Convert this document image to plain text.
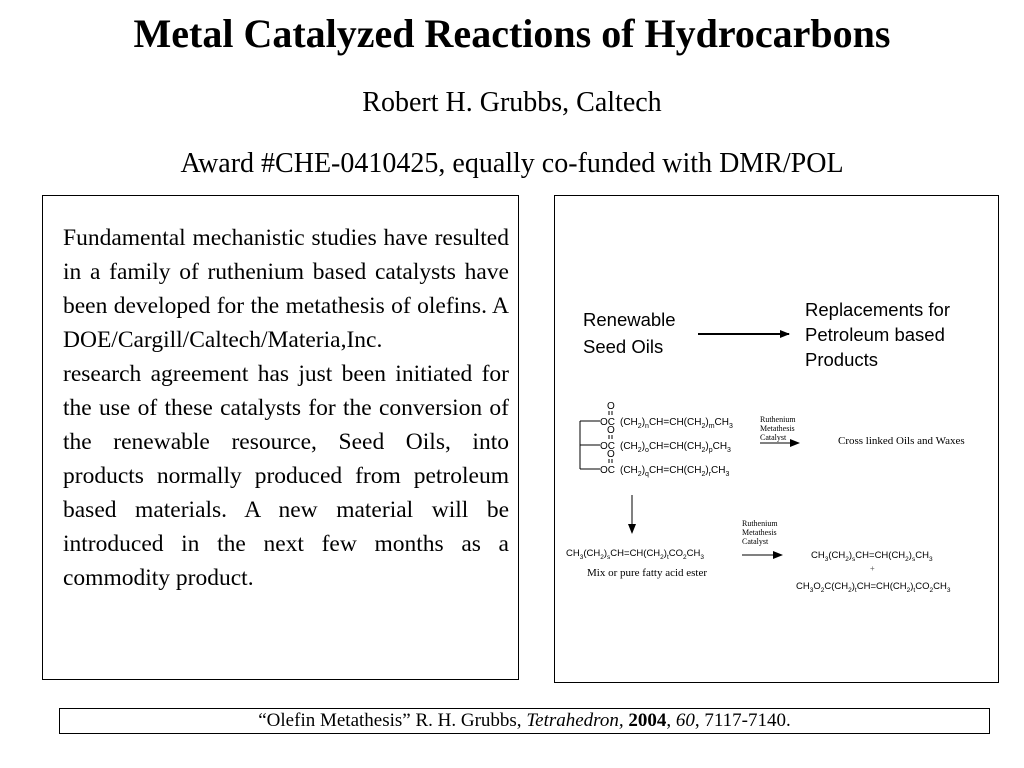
Metal Catalyzed Reactions of Hydrocarbons
Robert H. Grubbs, Caltech
Award #CHE-0410425, equally co-funded with DMR/POL

Fundamental mechanistic studies have resulted in a family of ruthenium based catalysts have been developed for the metathesis of olefins. A DOE/Cargill/Caltech/Materia,Inc.

research agreement has just been initiated for the use of these catalysts for the conversion of the renewable resource, Seed Oils, into products normally produced from petroleum based materials. A new material will be introduced in the next few months as a commodity product.

Renewable
Seed Oils
Replacements for
Petroleum based
Products
O
OC $(CH_2)_nCH=CH(CH_2)_mCH_3$
O
OC $(CH_2)_oCH=CH(CH_2)_pCH_3$
O
OC $(CH_2)_qCH=CH(CH_2)_rCH_3$
Ruthenium
Metathesis
Catalyst	Cross linked Oils and Waxes
$CH_3(CH_2)_sCH=CH(CH_2)_tCO_2CH_3$
Mix or pure fatty acid ester
Ruthenium
Metathesis
Catalyst
$CH_3(CH_2)_sCH=CH(CH_2)_sCH_3$
+
$CH_3O_2C(CH_2)_tCH=CH(CH_2)_tCO_2CH_3$
“Olefin Metathesis” R. H. Grubbs, Tetrahedron, 2004, 60, 7117-7140.
